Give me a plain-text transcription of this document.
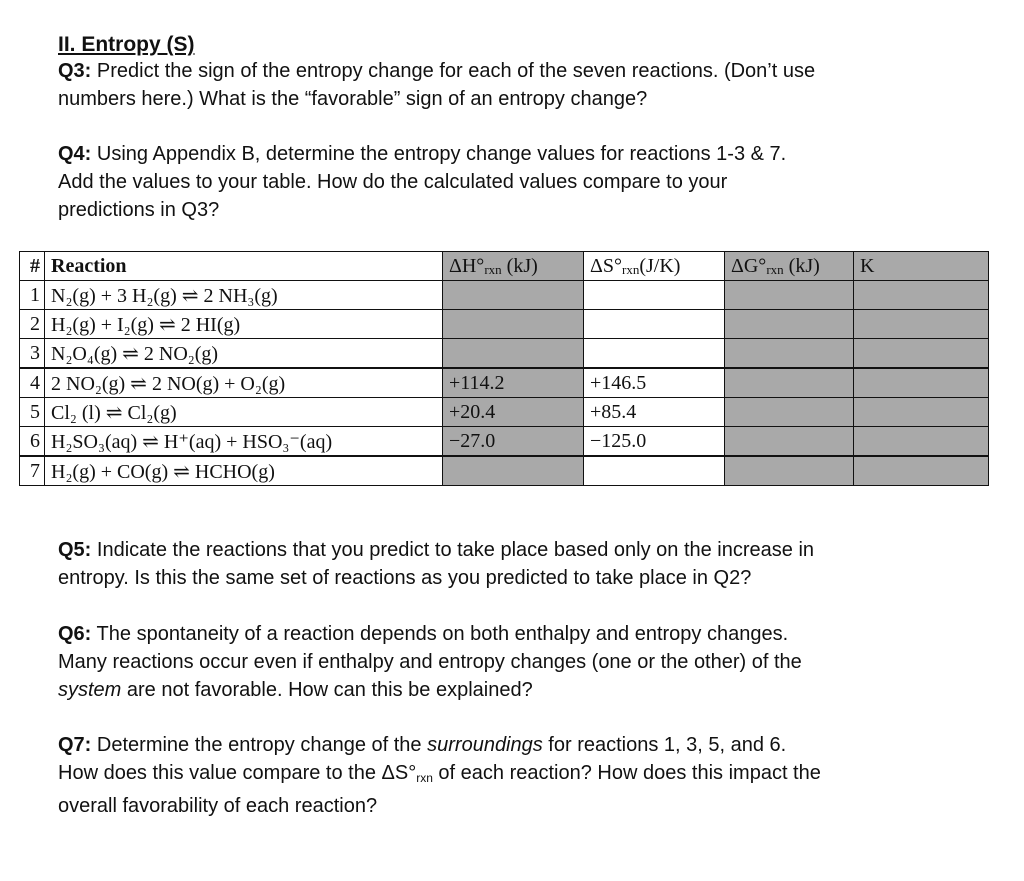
II. Entropy (S)
Q3: Predict the sign of the entropy change for each of the seven reactions. (Don’t use
numbers here.) What is the “favorable” sign of an entropy change?
Q4: Using Appendix B, determine the entropy change values for reactions 1-3 & 7.
Add the values to your table. How do the calculated values compare to your
predictions in Q3?
#	Reaction	ΔH°rxn (kJ)	ΔS°rxn(J/K)	ΔG°rxn (kJ)	K
1	N₂(g) + 3 H₂(g) ⇌ 2 NH₃(g)				
2	H₂(g) + I₂(g) ⇌ 2 HI(g)				
3	N₂O₄(g) ⇌ 2 NO₂(g)				
4	2 NO₂(g) ⇌ 2 NO(g) + O₂(g)	+114.2	+146.5		
5	Cl₂ (l) ⇌ Cl₂(g)	+20.4	+85.4		
6	H₂SO₃(aq) ⇌ H⁺(aq) + HSO₃⁻(aq)	−27.0	−125.0		
7	H₂(g) + CO(g) ⇌ HCHO(g)				
Q5: Indicate the reactions that you predict to take place based only on the increase in
entropy. Is this the same set of reactions as you predicted to take place in Q2?
Q6: The spontaneity of a reaction depends on both enthalpy and entropy changes.
Many reactions occur even if enthalpy and entropy changes (one or the other) of the
system are not favorable. How can this be explained?
Q7: Determine the entropy change of the surroundings for reactions 1, 3, 5, and 6.
How does this value compare to the $\Delta S^\circ_{rxn}$ of each reaction? How does this impact the
overall favorability of each reaction?
